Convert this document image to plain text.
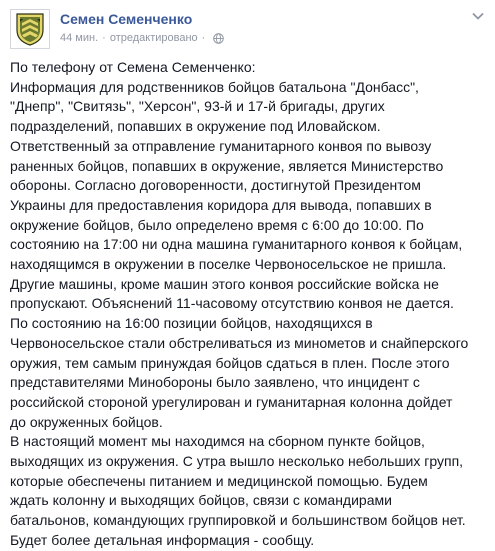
Семен Семенченко
44 мин. · отредактировано ·
По телефону от Семена Семенченко:
Информация для родственников бойцов батальона "Донбасс",
"Днепр", "Свитязь", "Херсон", 93-й и 17-й бригады, других
подразделений, попавших в окружение под Иловайском.
Ответственный за отправление гуманитарного конвоя по вывозу
раненных бойцов, попавших в окружение, является Министерство
обороны. Согласно договоренности, достигнутой Президентом
Украины для предоставления коридора для вывода, попавших в
окружение бойцов, было определено время с 6:00 до 10:00. По
состоянию на 17:00 ни одна машина гуманитарного конвоя к бойцам,
находящимся в окружении в поселке Червоносельское не пришла.
Другие машины, кроме машин этого конвоя российские войска не
пропускают. Объяснений 11-часовому отсутствию конвоя не дается.
По состоянию на 16:00 позиции бойцов, находящихся в
Червоносельское стали обстреливаться из минометов и снайперского
оружия, тем самым принуждая бойцов сдаться в плен. После этого
представителями Минобороны было заявлено, что инцидент с
российской стороной урегулирован и гуманитарная колонна дойдет
до окруженных бойцов.
В настоящий момент мы находимся на сборном пункте бойцов,
выходящих из окружения. С утра вышло несколько небольших групп,
которые обеспечены питанием и медицинской помощью. Будем
ждать колонну и выходящих бойцов, связи с командирами
батальонов, командующих группировкой и большинством бойцов нет.
Будет более детальная информация - сообщу.
